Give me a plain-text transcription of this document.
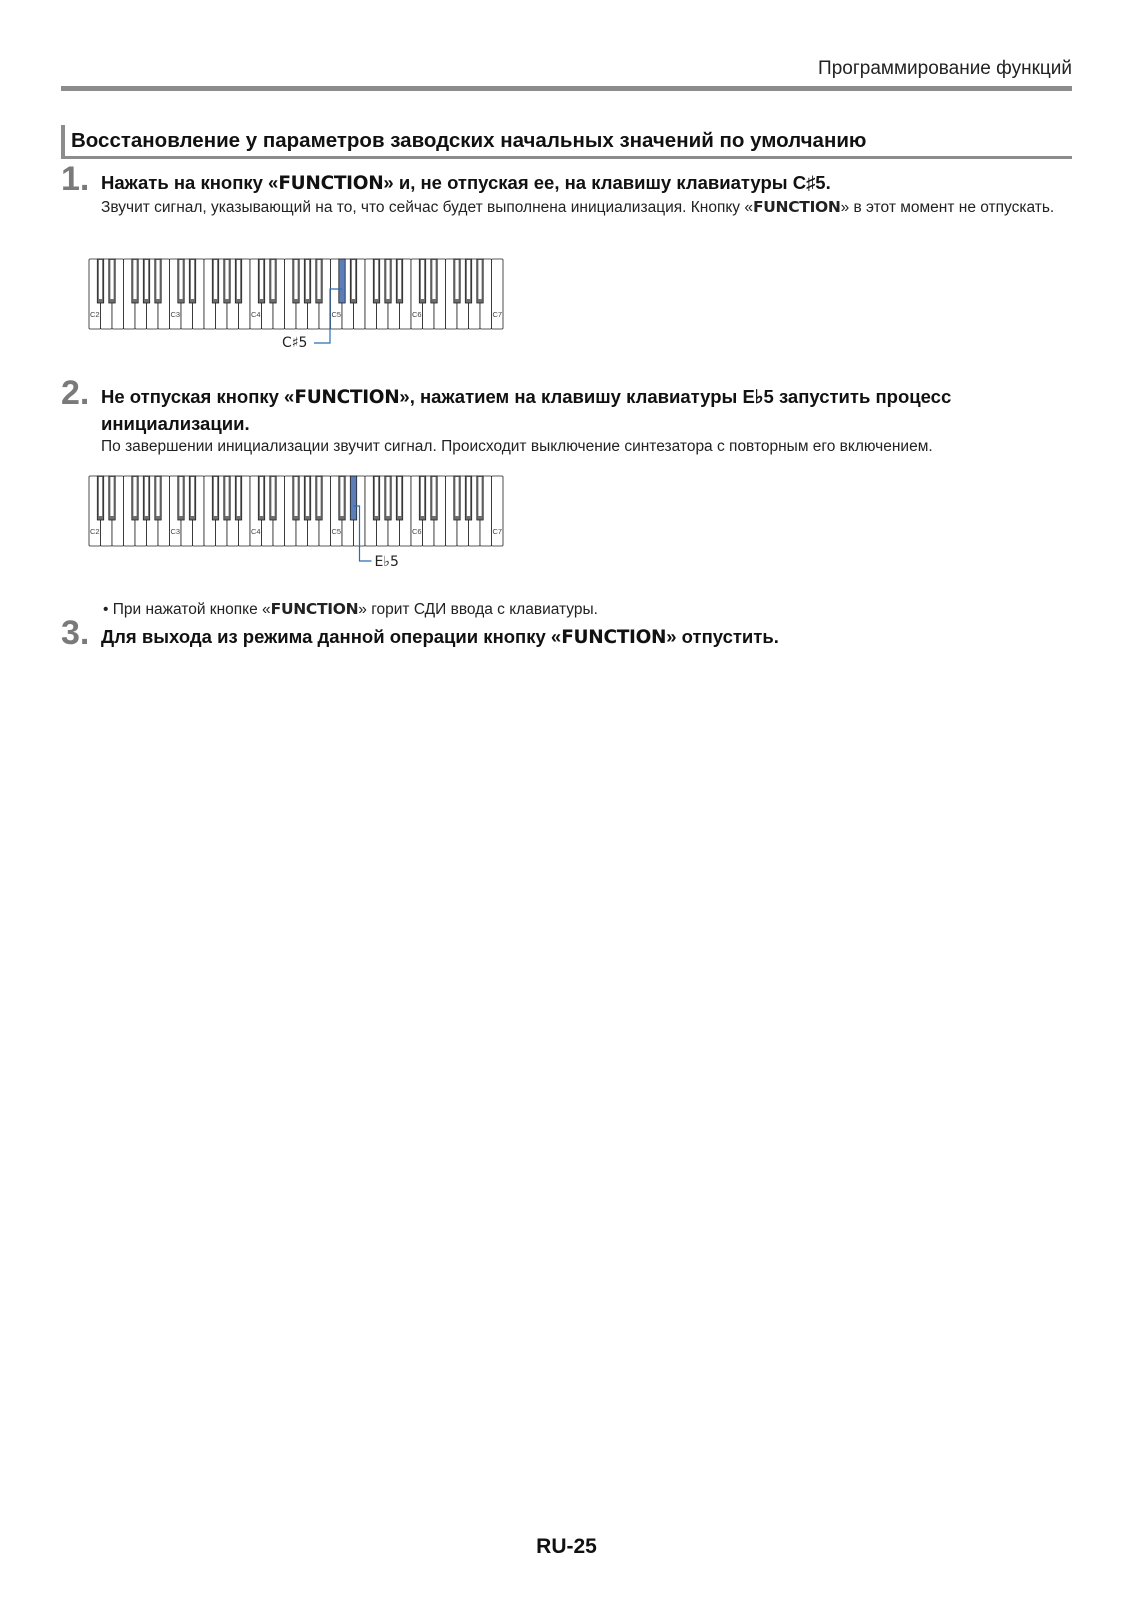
Программирование функций
Восстановление у параметров заводских начальных значений по умолчанию
1. Нажать на кнопку «FUNCTION» и, не отпуская ее, на клавишу клавиатуры C♯5.
Звучит сигнал, указывающий на то, что сейчас будет выполнена инициализация. Кнопку «FUNCTION» в этот момент не отпускать.
C2	C3	C4	C5	C6	C7
C♯5
2. Не отпуская кнопку «FUNCTION», нажатием на клавишу клавиатуры E♭5 запустить процесс инициализации.
По завершении инициализации звучит сигнал. Происходит выключение синтезатора с повторным его включением.
C2	C3	C4	C5	C6	C7
E♭5
• При нажатой кнопке «FUNCTION» горит СДИ ввода с клавиатуры.
3. Для выхода из режима данной операции кнопку «FUNCTION» отпустить.
RU-25
